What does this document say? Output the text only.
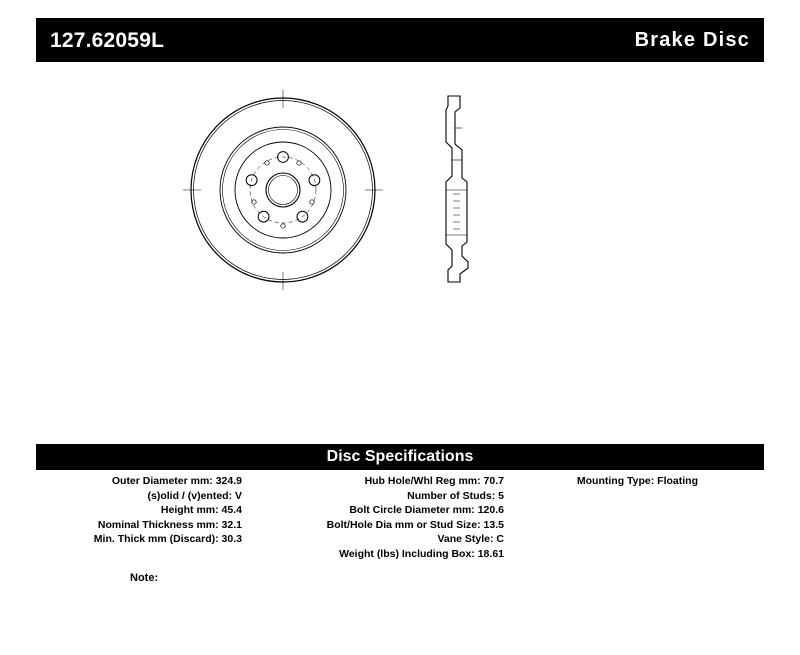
127.62059L	Brake Disc
Disc Specifications
Outer Diameter mm: 324.9
(s)olid / (v)ented: V
Height mm: 45.4
Nominal Thickness mm: 32.1
Min. Thick mm (Discard): 30.3
Hub Hole/Whl Reg mm: 70.7
Number of Studs: 5
Bolt Circle Diameter mm: 120.6
Bolt/Hole Dia mm or Stud Size: 13.5
Vane Style: C
Weight (lbs) Including Box: 18.61
Mounting Type: Floating
Note:
